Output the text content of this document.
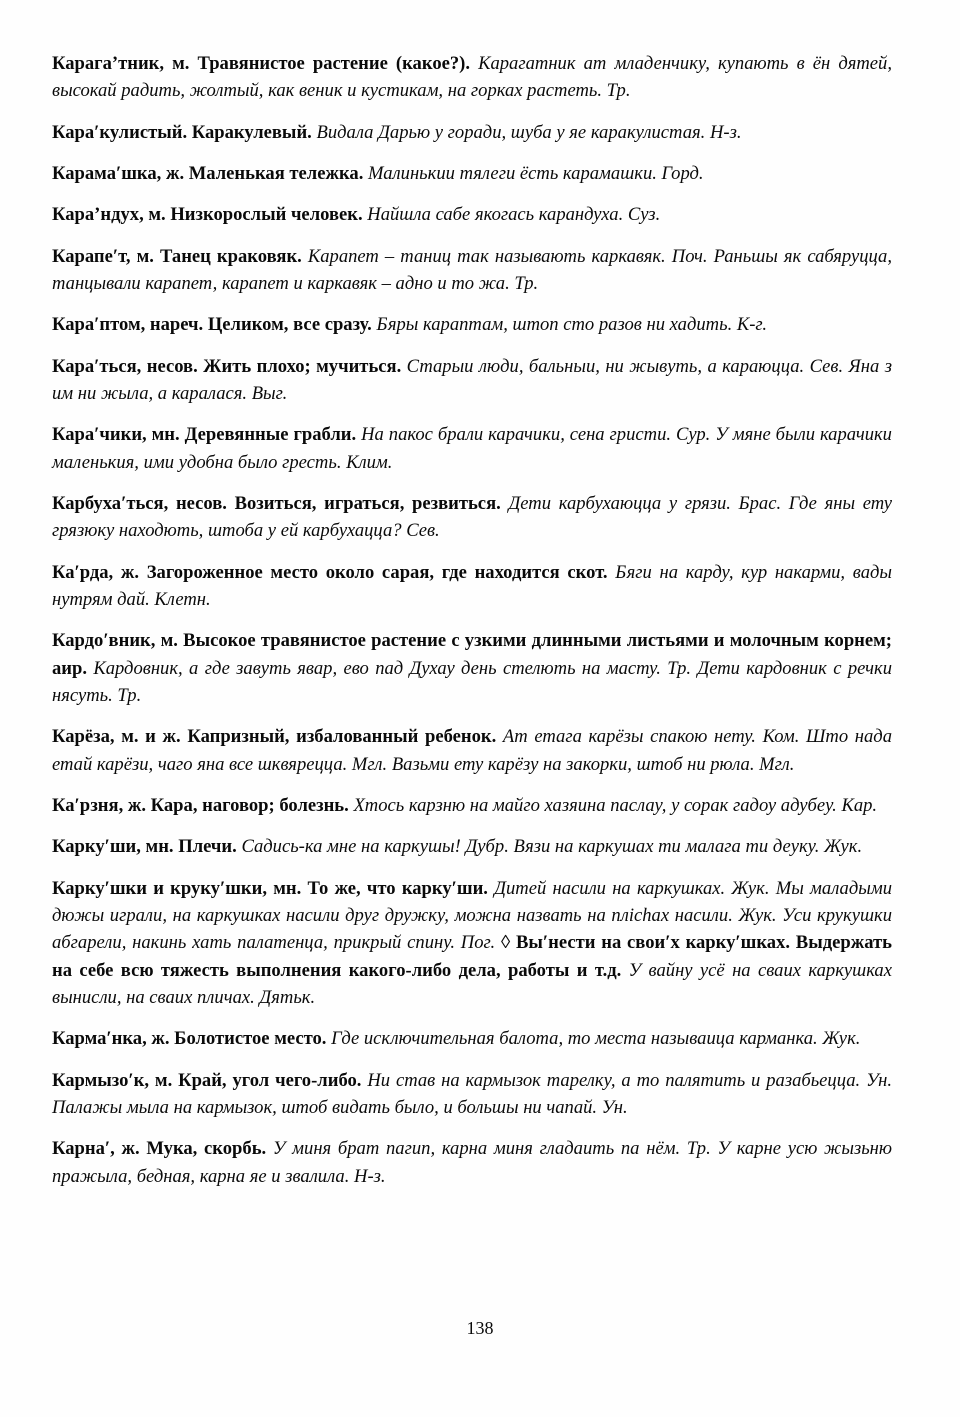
Карага’тник, м. Травянистое растение (какое?). Карагатник ат младенчику, купають в ён дятей, высокай радить, жолтый, как веник и кустикам, на горках растеть. Тр.

Кара′кулистый. Каракулевый. Видала Дарью у горади, шуба у яе каракулистая. Н-з.

Карама′шка, ж. Маленькая тележка. Малинькии тялеги ёсть карамашки. Горд.

Кара’ндух, м. Низкорослый человек. Найшла сабе якогась карандуха. Суз.

Карапе′т, м. Танец краковяк. Карапет – таниц так называють каркавяк. Поч. Раньшы як сабяруцца, танцывали карапет, карапет и каркавяк – адно и то жа. Тр.

Кара′птом, нареч. Целиком, все сразу. Бяры караптам, штоп сто разов ни хадить. К-г.

Кара′ться, несов. Жить плохо; мучиться. Старыи люди, бальныи, ни жывуть, а караюцца. Сев. Яна з им ни жыла, а каралася. Выг.

Кара′чики, мн. Деревянные грабли. На пакос брали карачики, сена гристи. Сур. У мяне были карачики маленькия, ими удобна было гресть. Клим.

Карбуха′ться, несов. Возиться, играться, резвиться. Дети карбухаюцца у грязи. Брас. Где яны ету грязюку находють, штоба у ей карбухацца? Сев.

Ка′рда, ж. Загороженное место около сарая, где находится скот. Бяги на карду, кур накарми, вады нутрям дай. Клетн.

Кардо′вник, м. Высокое травянистое растение с узкими длинными листьями и молочным корнем; аир. Кардовник, а где завуть явар, ево пад Духау день стелють на масту. Тр. Дети кардовник с речки нясуть. Тр.

Карёза, м. и ж. Капризный, избалованный ребенок. Ат етага карёзы спакою нету. Ком. Што нада етай карёзи, чаго яна все шквярецца. Мгл. Вазьми ету карёзу на закорки, штоб ни рюла. Мгл.

Ка′рзня, ж. Кара, наговор; болезнь. Хтось карзню на майго хазяина паслау, у сорак гадоу адубеу. Кар.

Карку′ши, мн. Плечи. Садись-ка мне на каркушы! Дубр. Вязи на каркушах ти малага ти деуку. Жук.

Карку′шки и круку′шки, мн. То же, что карку′ши. Дитей насили на каркушках. Жук. Мы маладыми дюжы играли, на каркушках насили друг дружку, можна назвать на плichах насили. Жук. Уси крукушки абгарели, накинь хать палатенца, прикрый спину. Пог. ◊ Вы′нести на свои′х карку′шках. Выдержать на себе всю тяжесть выполнения какого-либо дела, работы и т.д. У вайну усё на сваих каркушках вынисли, на сваих пличах. Дятьк.

Карма′нка, ж. Болотистое место. Где исключительная балота, то места называица карманка. Жук.

Кармызо′к, м. Край, угол чего-либо. Ни став на кармызок тарелку, а то палятить и разабьецца. Ун. Палажы мыла на кармызок, штоб видать было, и большы ни чапай. Ун.

Карна′, ж. Мука, скорбь. У миня брат пагип, карна миня гладаить па нём. Тр. У карне усю жызьню пражыла, бедная, карна яе и звалила. Н-з.

138
